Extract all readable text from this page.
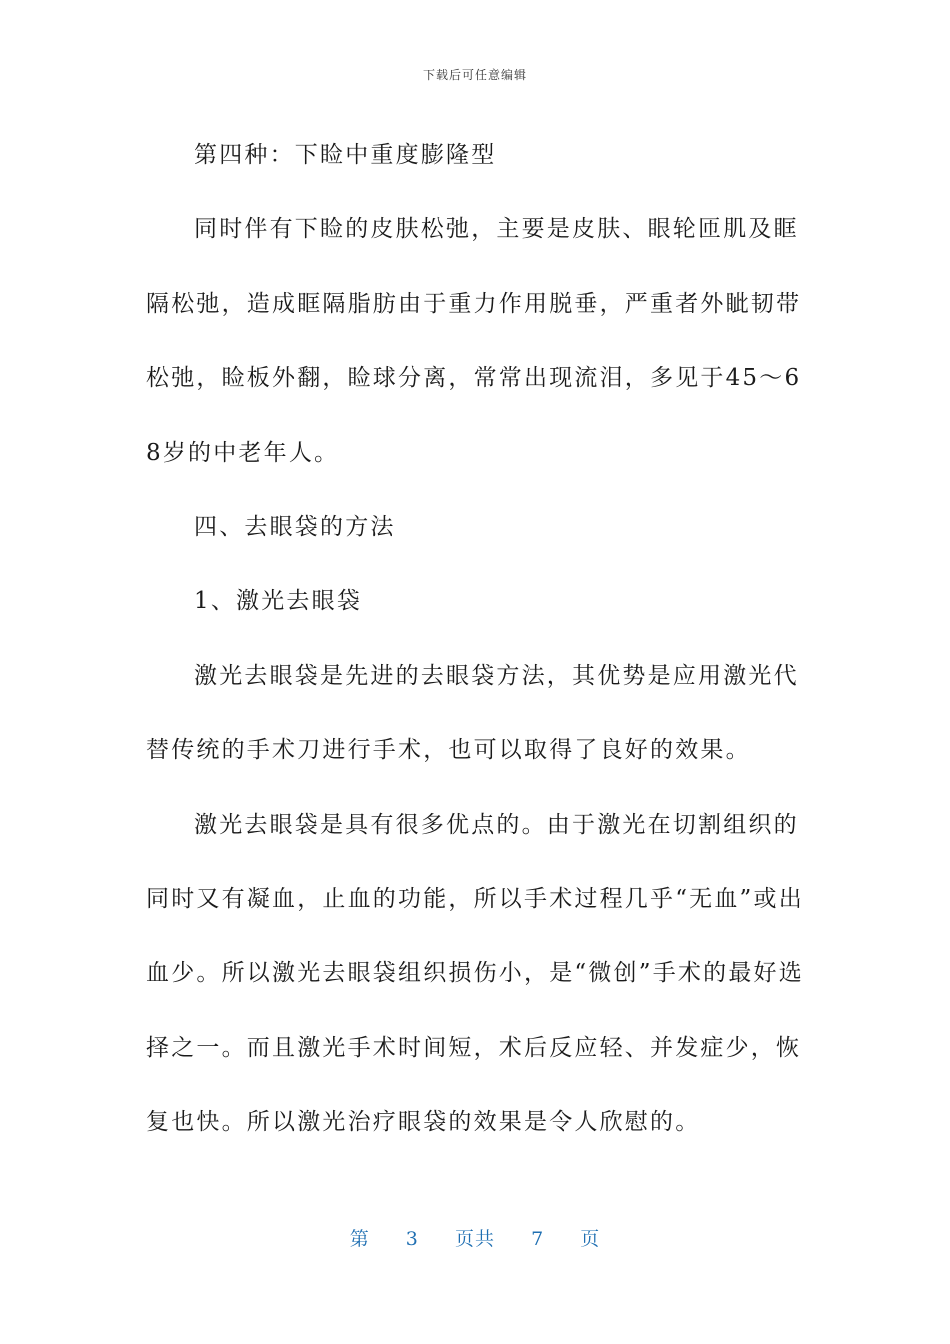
下载后可任意编辑

第四种：下睑中重度膨隆型

同时伴有下睑的皮肤松弛，主要是皮肤、眼轮匝肌及眶隔松弛，造成眶隔脂肪由于重力作用脱垂，严重者外眦韧带松弛，睑板外翻，睑球分离，常常出现流泪，多见于45～68岁的中老年人。

四、去眼袋的方法

1、激光去眼袋

激光去眼袋是先进的去眼袋方法，其优势是应用激光代替传统的手术刀进行手术，也可以取得了良好的效果。

激光去眼袋是具有很多优点的。由于激光在切割组织的同时又有凝血，止血的功能，所以手术过程几乎“无血”或出血少。所以激光去眼袋组织损伤小，是“微创”手术的最好选择之一。而且激光手术时间短，术后反应轻、并发症少，恢复也快。所以激光治疗眼袋的效果是令人欣慰的。

第 3 页共 7 页
